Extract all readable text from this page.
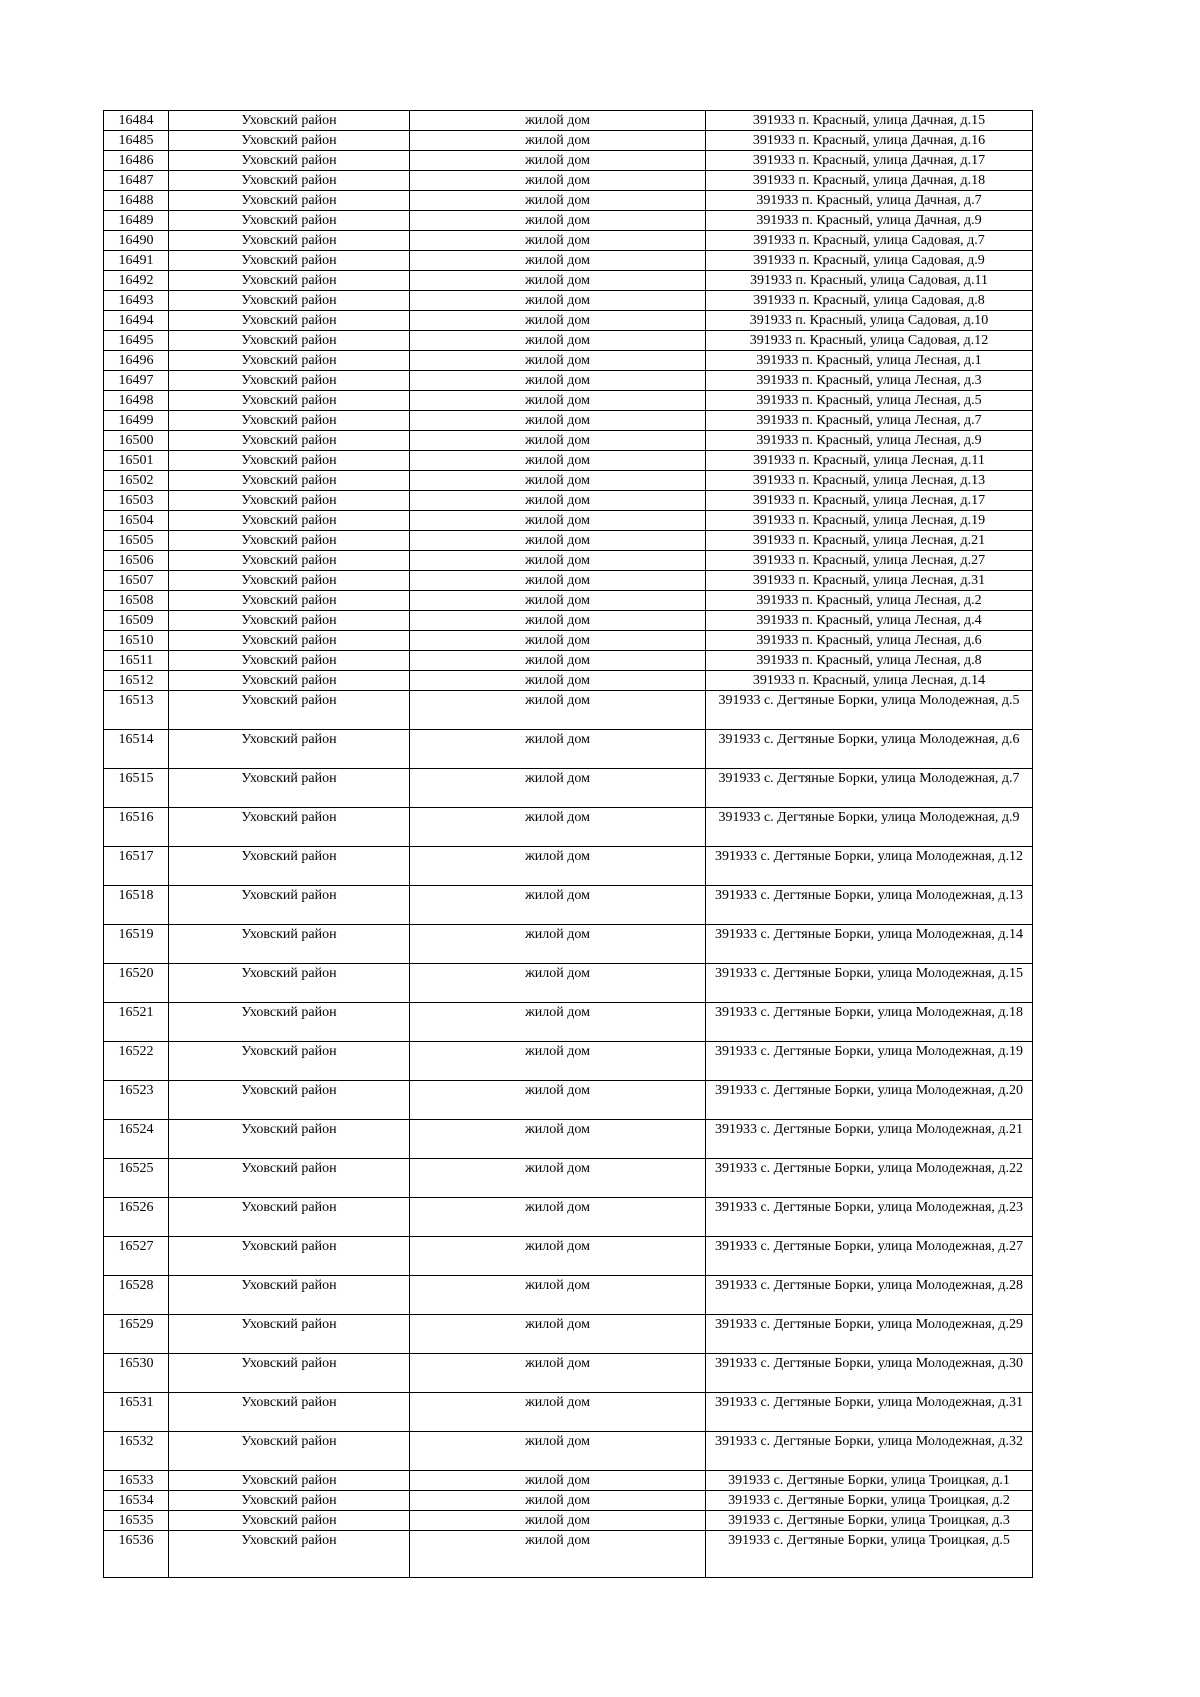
16484	Уховский район	жилой дом	391933 п. Красный, улица Дачная, д.15
16485	Уховский район	жилой дом	391933 п. Красный, улица Дачная, д.16
16486	Уховский район	жилой дом	391933 п. Красный, улица Дачная, д.17
16487	Уховский район	жилой дом	391933 п. Красный, улица Дачная, д.18
16488	Уховский район	жилой дом	391933 п. Красный, улица Дачная, д.7
16489	Уховский район	жилой дом	391933 п. Красный, улица Дачная, д.9
16490	Уховский район	жилой дом	391933 п. Красный, улица Садовая, д.7
16491	Уховский район	жилой дом	391933 п. Красный, улица Садовая, д.9
16492	Уховский район	жилой дом	391933 п. Красный, улица Садовая, д.11
16493	Уховский район	жилой дом	391933 п. Красный, улица Садовая, д.8
16494	Уховский район	жилой дом	391933 п. Красный, улица Садовая, д.10
16495	Уховский район	жилой дом	391933 п. Красный, улица Садовая, д.12
16496	Уховский район	жилой дом	391933 п. Красный, улица Лесная, д.1
16497	Уховский район	жилой дом	391933 п. Красный, улица Лесная, д.3
16498	Уховский район	жилой дом	391933 п. Красный, улица Лесная, д.5
16499	Уховский район	жилой дом	391933 п. Красный, улица Лесная, д.7
16500	Уховский район	жилой дом	391933 п. Красный, улица Лесная, д.9
16501	Уховский район	жилой дом	391933 п. Красный, улица Лесная, д.11
16502	Уховский район	жилой дом	391933 п. Красный, улица Лесная, д.13
16503	Уховский район	жилой дом	391933 п. Красный, улица Лесная, д.17
16504	Уховский район	жилой дом	391933 п. Красный, улица Лесная, д.19
16505	Уховский район	жилой дом	391933 п. Красный, улица Лесная, д.21
16506	Уховский район	жилой дом	391933 п. Красный, улица Лесная, д.27
16507	Уховский район	жилой дом	391933 п. Красный, улица Лесная, д.31
16508	Уховский район	жилой дом	391933 п. Красный, улица Лесная, д.2
16509	Уховский район	жилой дом	391933 п. Красный, улица Лесная, д.4
16510	Уховский район	жилой дом	391933 п. Красный, улица Лесная, д.6
16511	Уховский район	жилой дом	391933 п. Красный, улица Лесная, д.8
16512	Уховский район	жилой дом	391933 п. Красный, улица Лесная, д.14
16513	Уховский район	жилой дом	391933 с. Дегтяные Борки, улица Молодежная, д.5
16514	Уховский район	жилой дом	391933 с. Дегтяные Борки, улица Молодежная, д.6
16515	Уховский район	жилой дом	391933 с. Дегтяные Борки, улица Молодежная, д.7
16516	Уховский район	жилой дом	391933 с. Дегтяные Борки, улица Молодежная, д.9
16517	Уховский район	жилой дом	391933 с. Дегтяные Борки, улица Молодежная, д.12
16518	Уховский район	жилой дом	391933 с. Дегтяные Борки, улица Молодежная, д.13
16519	Уховский район	жилой дом	391933 с. Дегтяные Борки, улица Молодежная, д.14
16520	Уховский район	жилой дом	391933 с. Дегтяные Борки, улица Молодежная, д.15
16521	Уховский район	жилой дом	391933 с. Дегтяные Борки, улица Молодежная, д.18
16522	Уховский район	жилой дом	391933 с. Дегтяные Борки, улица Молодежная, д.19
16523	Уховский район	жилой дом	391933 с. Дегтяные Борки, улица Молодежная, д.20
16524	Уховский район	жилой дом	391933 с. Дегтяные Борки, улица Молодежная, д.21
16525	Уховский район	жилой дом	391933 с. Дегтяные Борки, улица Молодежная, д.22
16526	Уховский район	жилой дом	391933 с. Дегтяные Борки, улица Молодежная, д.23
16527	Уховский район	жилой дом	391933 с. Дегтяные Борки, улица Молодежная, д.27
16528	Уховский район	жилой дом	391933 с. Дегтяные Борки, улица Молодежная, д.28
16529	Уховский район	жилой дом	391933 с. Дегтяные Борки, улица Молодежная, д.29
16530	Уховский район	жилой дом	391933 с. Дегтяные Борки, улица Молодежная, д.30
16531	Уховский район	жилой дом	391933 с. Дегтяные Борки, улица Молодежная, д.31
16532	Уховский район	жилой дом	391933 с. Дегтяные Борки, улица Молодежная, д.32
16533	Уховский район	жилой дом	391933 с. Дегтяные Борки, улица Троицкая, д.1
16534	Уховский район	жилой дом	391933 с. Дегтяные Борки, улица Троицкая, д.2
16535	Уховский район	жилой дом	391933 с. Дегтяные Борки, улица Троицкая, д.3
16536	Уховский район	жилой дом	391933 с. Дегтяные Борки, улица Троицкая, д.5
